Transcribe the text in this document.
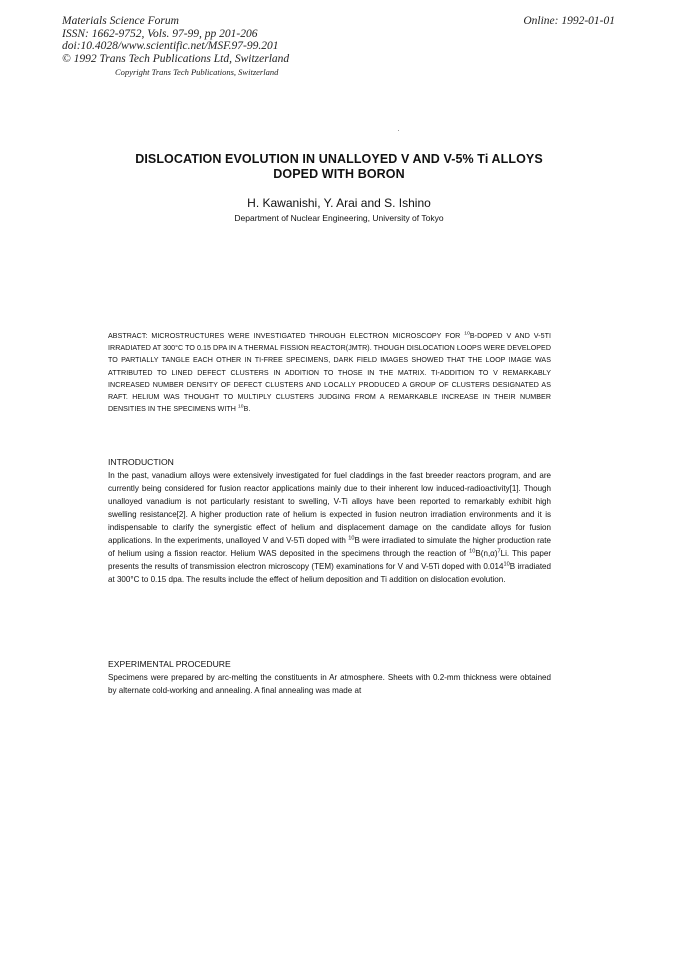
Materials Science Forum
ISSN: 1662-9752, Vols. 97-99, pp 201-206
doi:10.4028/www.scientific.net/MSF.97-99.201
© 1992 Trans Tech Publications Ltd, Switzerland
Online: 1992-01-01
Copyright Trans Tech Publications, Switzerland
DISLOCATION EVOLUTION IN UNALLOYED V AND V-5% Ti ALLOYS
DOPED WITH BORON
H. Kawanishi, Y. Arai and S. Ishino
Department of Nuclear Engineering, University of Tokyo
ABSTRACT: MICROSTRUCTURES WERE INVESTIGATED THROUGH ELECTRON MICROSCOPY FOR $^{10}$B-DOPED V AND V-5TI IRRADIATED AT 300°C TO 0.15 DPA IN A THERMAL FISSION REACTOR(JMTR). THOUGH DISLOCATION LOOPS WERE DEVELOPED TO PARTIALLY TANGLE EACH OTHER IN TI-FREE SPECIMENS, DARK FIELD IMAGES SHOWED THAT THE LOOP IMAGE WAS ATTRIBUTED TO LINED DEFECT CLUSTERS IN ADDITION TO THOSE IN THE MATRIX. TI-ADDITION TO V REMARKABLY INCREASED NUMBER DENSITY OF DEFECT CLUSTERS AND LOCALLY PRODUCED A GROUP OF CLUSTERS DESIGNATED AS RAFT. HELIUM WAS THOUGHT TO MULTIPLY CLUSTERS JUDGING FROM A REMARKABLE INCREASE IN THEIR NUMBER DENSITIES IN THE SPECIMENS WITH $^{10}$B.
INTRODUCTION
In the past, vanadium alloys were extensively investigated for fuel claddings in the fast breeder reactors program, and are currently being considered for fusion reactor applications mainly due to their inherent low induced-radioactivity[1]. Though unalloyed vanadium is not particularly resistant to swelling, V-Ti alloys have been reported to remarkably exhibit high swelling resistance[2]. A higher production rate of helium is expected in fusion neutron irradiation environments and it is indispensable to clarify the synergistic effect of helium and displacement damage on the candidate alloys for fusion applications. In the experiments, unalloyed V and V-5Ti doped with $^{10}$B were irradiated to simulate the higher production rate of helium using a fission reactor. Helium WAS deposited in the specimens through the reaction of $^{10}B(n,\alpha)^7Li$. This paper presents the results of transmission electron microscopy (TEM) examinations for V and V-5Ti doped with 0.014$^{10}$B irradiated at 300°C to 0.15 dpa. The results include the effect of helium deposition and Ti addition on dislocation evolution.
EXPERIMENTAL PROCEDURE
Specimens were prepared by arc-melting the constituents in Ar atmosphere. Sheets with 0.2-mm thickness were obtained by alternate cold-working and annealing. A final annealing was made at
